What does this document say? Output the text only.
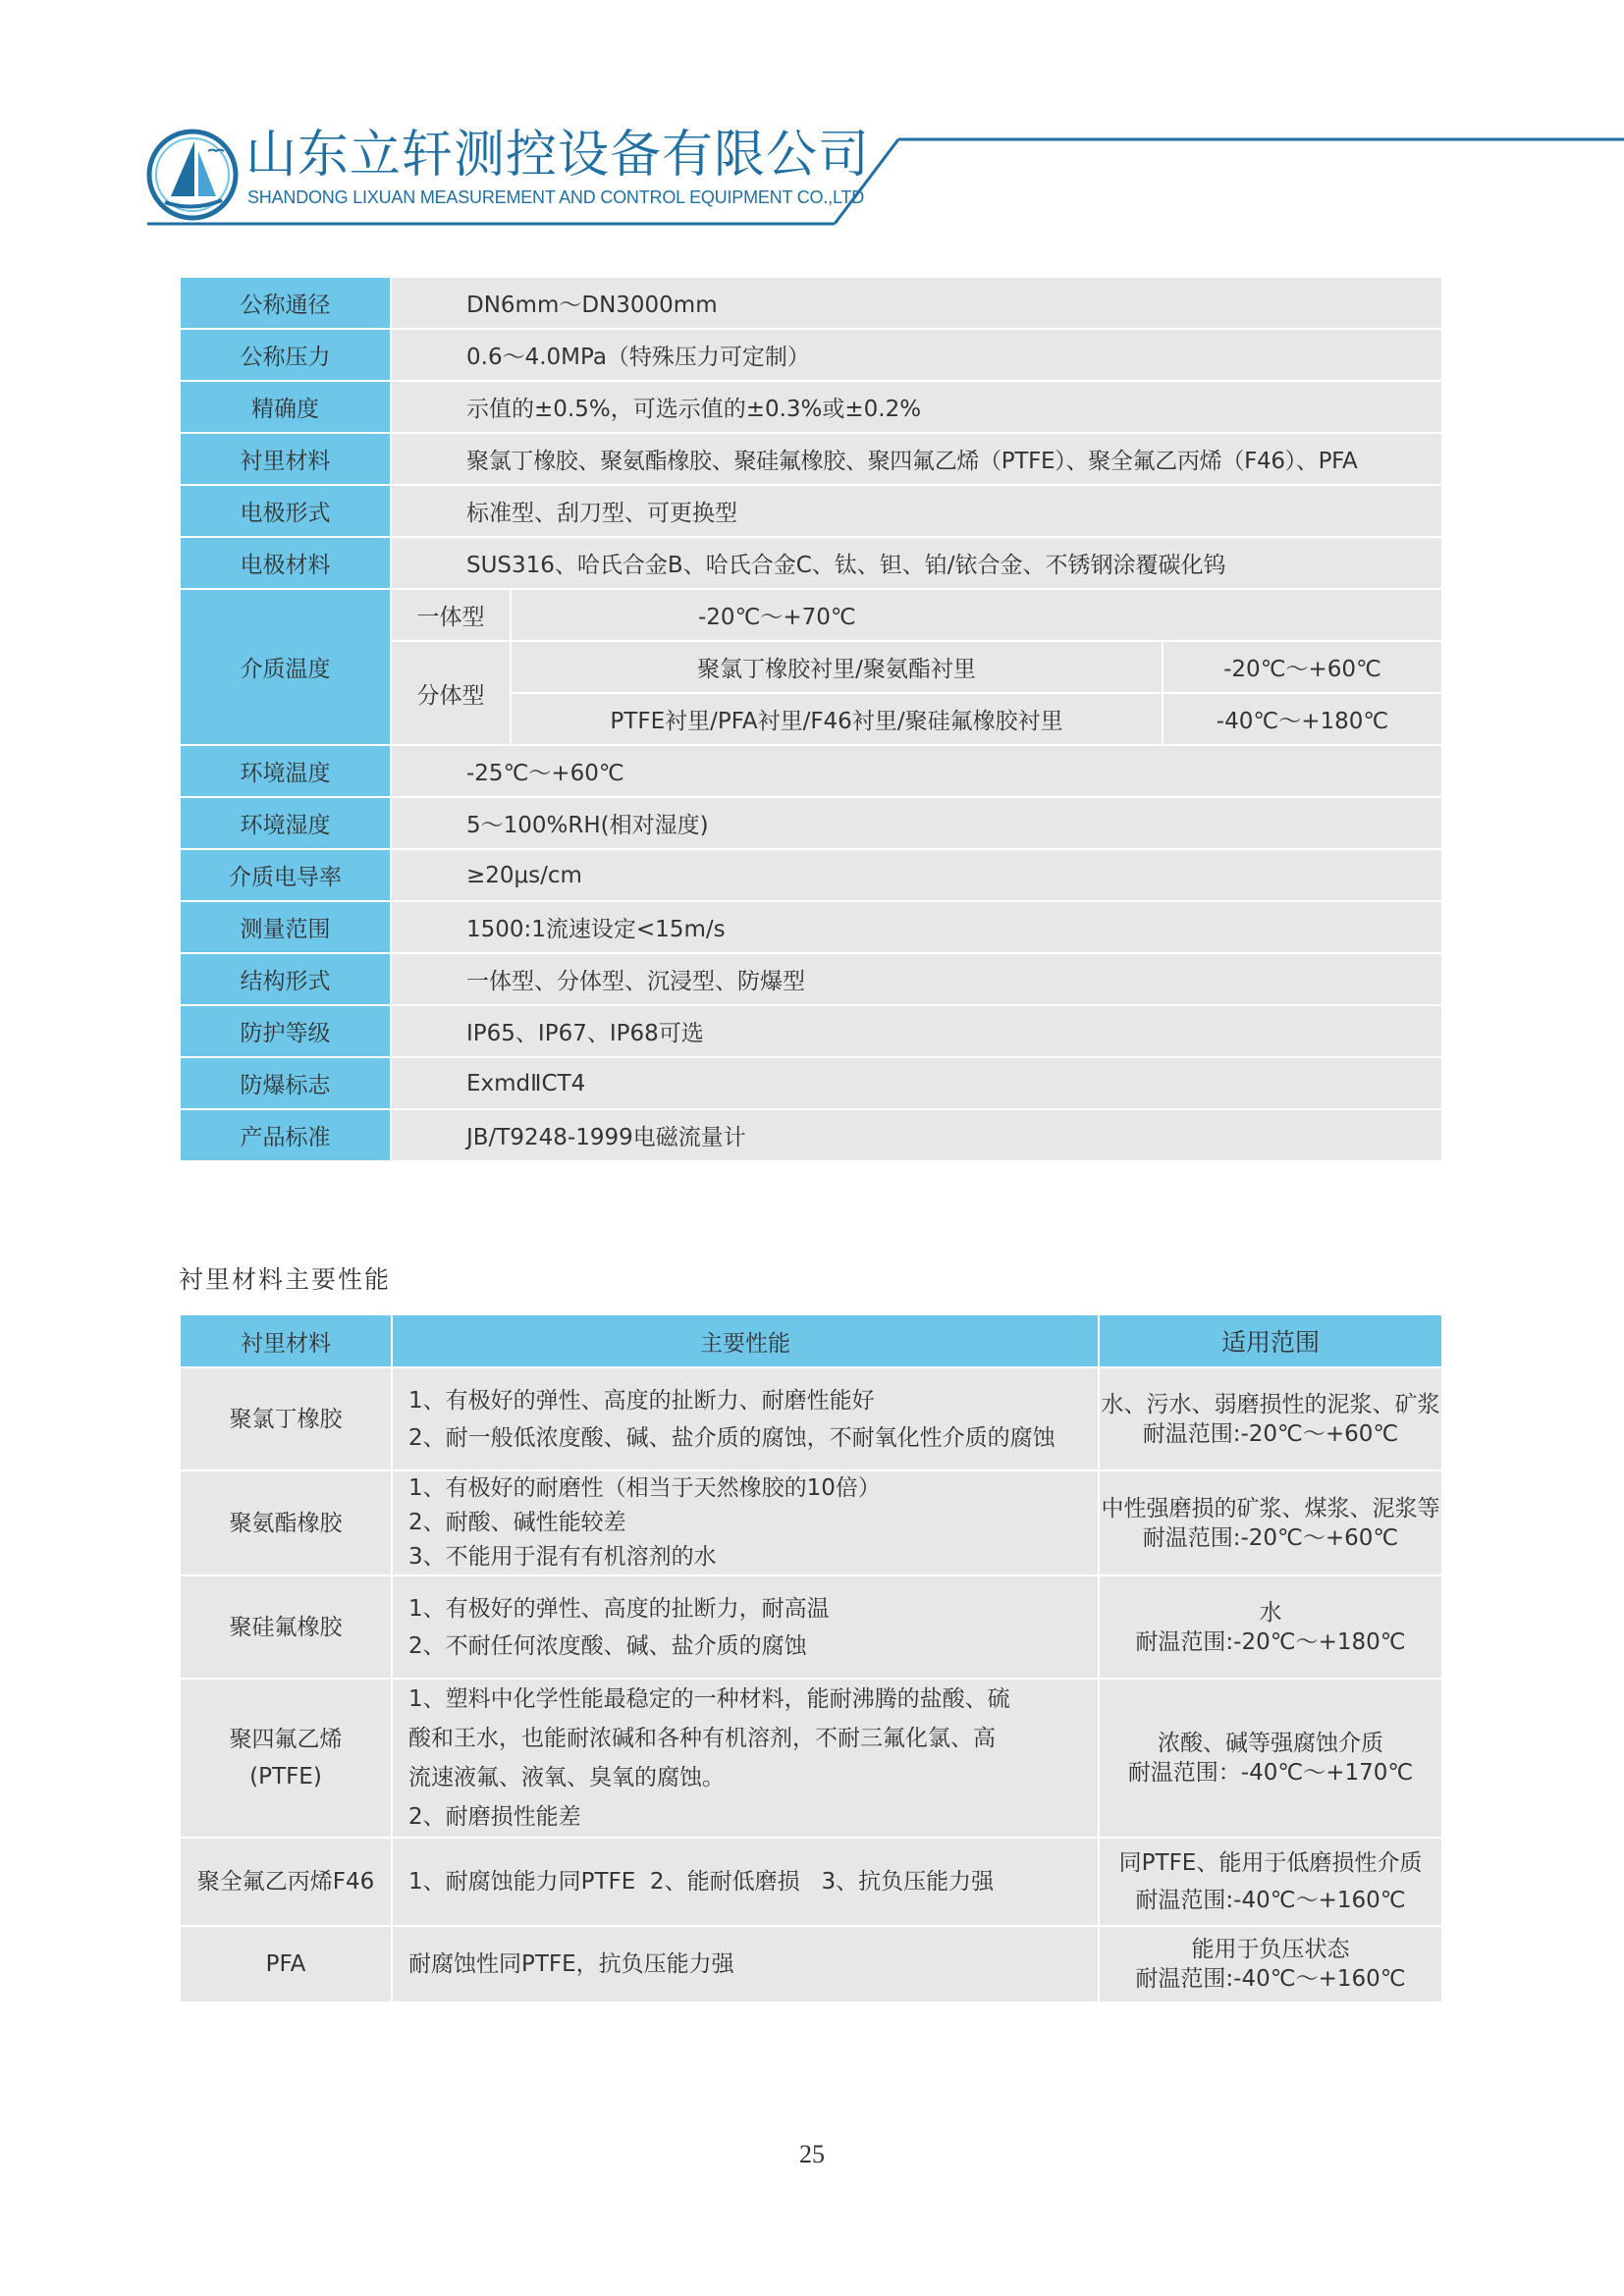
山东立轩测控设备有限公司
SHANDONG LIXUAN MEASUREMENT AND CONTROL EQUIPMENT CO.,LTD
公称通径	DN6mm～DN3000mm		
公称压力	0.6～4.0MPa（特殊压力可定制）		
精确度	示值的±0.5%，可选示值的±0.3%或±0.2%		
衬里材料	聚氯丁橡胶、聚氨酯橡胶、聚硅氟橡胶、聚四氟乙烯（PTFE）、聚全氟乙丙烯（F46）、PFA		
电极形式	标准型、刮刀型、可更换型		
电极材料	SUS316、哈氏合金B、哈氏合金C、钛、钽、铂/铱合金、不锈钢涂覆碳化钨		
介质温度	一体型	-20℃～+70℃	
	分体型	聚氯丁橡胶衬里/聚氨酯衬里	-20℃～+60℃
		PTFE衬里/PFA衬里/F46衬里/聚硅氟橡胶衬里	-40℃～+180℃
环境温度	-25℃～+60℃		
环境湿度	5～100%RH(相对湿度)		
介质电导率	≥20μs/cm		
测量范围	1500:1流速设定<15m/s		
结构形式	一体型、分体型、沉浸型、防爆型		
防护等级	IP65、IP67、IP68可选		
防爆标志	ExmdⅡCT4		
产品标准	JB/T9248-1999电磁流量计		
衬里材料主要性能
衬里材料	主要性能	适用范围

聚氯丁橡胶	1、有极好的弹性、高度的扯断力、耐磨性能好
2、耐一般低浓度酸、碱、盐介质的腐蚀，不耐氧化性介质的腐蚀	水、污水、弱磨损性的泥浆、矿浆
耐温范围:-20℃～+60℃

聚氨酯橡胶	1、有极好的耐磨性（相当于天然橡胶的10倍）
2、耐酸、碱性能较差
3、不能用于混有有机溶剂的水	中性强磨损的矿浆、煤浆、泥浆等
耐温范围:-20℃～+60℃

聚硅氟橡胶	1、有极好的弹性、高度的扯断力，耐高温
2、不耐任何浓度酸、碱、盐介质的腐蚀	水
耐温范围:-20℃～+180℃

聚四氟乙烯
(PTFE)	1、塑料中化学性能最稳定的一种材料，能耐沸腾的盐酸、硫
酸和王水，也能耐浓碱和各种有机溶剂，不耐三氟化氯、高
流速液氟、液氧、臭氧的腐蚀。
2、耐磨损性能差	浓酸、碱等强腐蚀介质
耐温范围：-40℃～+170℃

聚全氟乙丙烯F46	1、耐腐蚀能力同PTFE  2、能耐低磨损   3、抗负压能力强	同PTFE、能用于低磨损性介质
耐温范围:-40℃～+160℃

PFA	耐腐蚀性同PTFE，抗负压能力强	能用于负压状态
耐温范围:-40℃～+160℃
25
